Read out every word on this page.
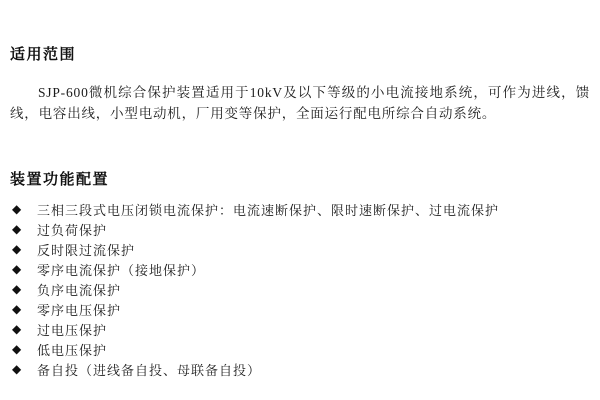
适用范围

SJP-600微机综合保护装置适用于10kV及以下等级的小电流接地系统，可作为进线，馈线，电容出线，小型电动机，厂用变等保护，全面运行配电所综合自动系统。

装置功能配置
◆ 三相三段式电压闭锁电流保护：电流速断保护、限时速断保护、过电流保护
◆ 过负荷保护
◆ 反时限过流保护
◆ 零序电流保护（接地保护）
◆ 负序电流保护
◆ 零序电压保护
◆ 过电压保护
◆ 低电压保护
◆ 备自投（进线备自投、母联备自投）
